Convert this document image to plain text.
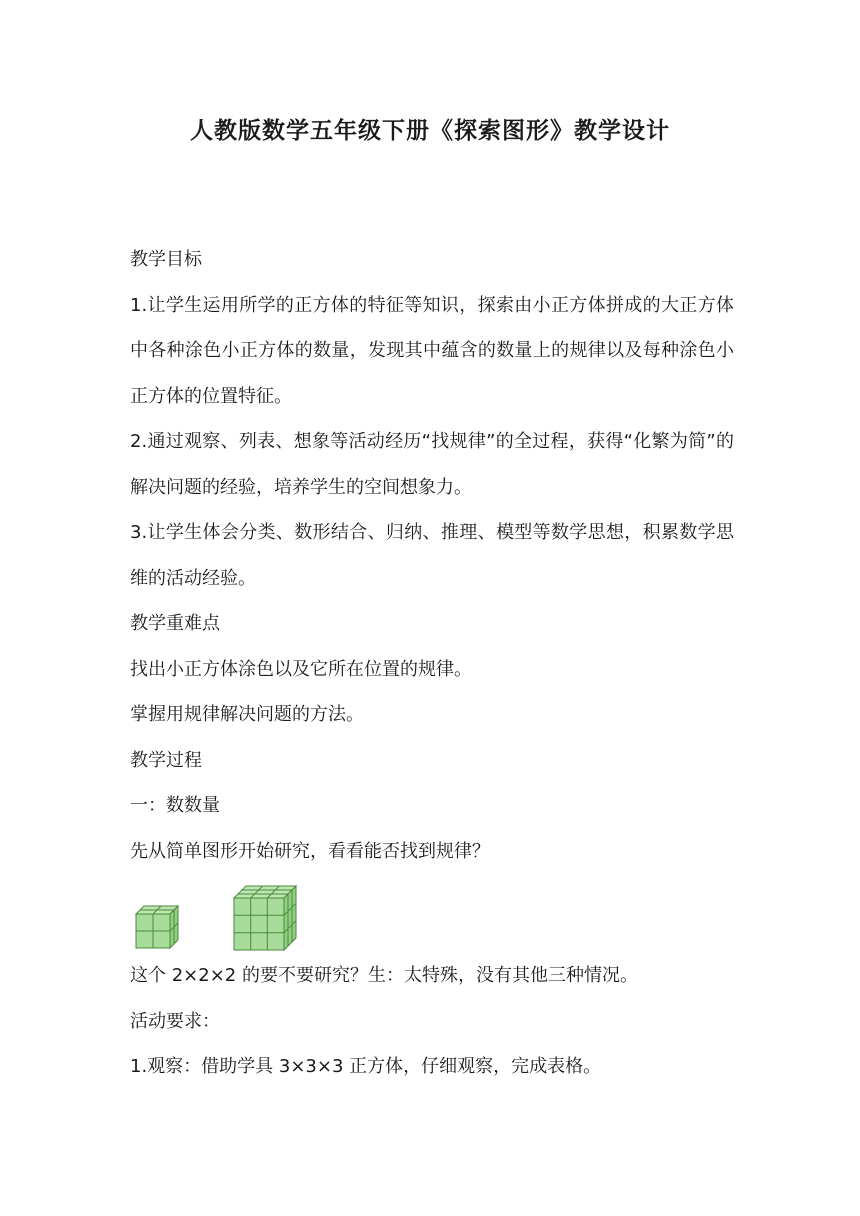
人教版数学五年级下册《探索图形》教学设计

教学目标

1.让学生运用所学的正方体的特征等知识，探索由小正方体拼成的大正方体中各种涂色小正方体的数量，发现其中蕴含的数量上的规律以及每种涂色小正方体的位置特征。

2.通过观察、列表、想象等活动经历“找规律”的全过程，获得“化繁为简”的解决问题的经验，培养学生的空间想象力。

3.让学生体会分类、数形结合、归纳、推理、模型等数学思想，积累数学思维的活动经验。

教学重难点

找出小正方体涂色以及它所在位置的规律。

掌握用规律解决问题的方法。

教学过程

一：数数量

先从简单图形开始研究，看看能否找到规律？

这个 2×2×2 的要不要研究？生：太特殊，没有其他三种情况。

活动要求：

1.观察：借助学具 3×3×3 正方体，仔细观察，完成表格。
